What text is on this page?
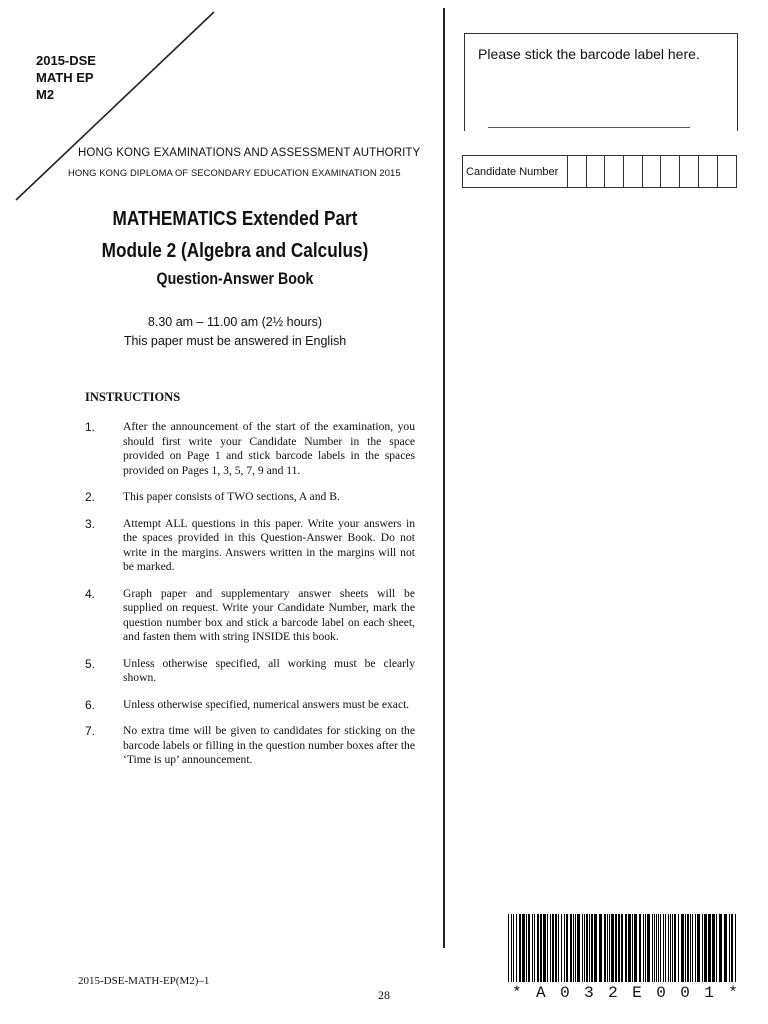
2015-DSE
MATH EP
M2
HONG KONG EXAMINATIONS AND ASSESSMENT AUTHORITY
HONG KONG DIPLOMA OF SECONDARY EDUCATION EXAMINATION 2015
MATHEMATICS Extended Part
Module 2 (Algebra and Calculus)
Question-Answer Book
8.30 am – 11.00 am (2½ hours)
This paper must be answered in English
INSTRUCTIONS
1.	After the announcement of the start of the examination, you should first write your Candidate Number in the space provided on Page 1 and stick barcode labels in the spaces provided on Pages 1, 3, 5, 7, 9 and 11.
2.	This paper consists of TWO sections, A and B.
3.	Attempt ALL questions in this paper. Write your answers in the spaces provided in this Question-Answer Book. Do not write in the margins. Answers written in the margins will not be marked.
4.	Graph paper and supplementary answer sheets will be supplied on request. Write your Candidate Number, mark the question number box and stick a barcode label on each sheet, and fasten them with string INSIDE this book.
5.	Unless otherwise specified, all working must be clearly shown.
6.	Unless otherwise specified, numerical answers must be exact.
7.	No extra time will be given to candidates for sticking on the barcode labels or filling in the question number boxes after the ‘Time is up’ announcement.
Please stick the barcode label here.
Candidate Number
2015-DSE-MATH-EP(M2)–1
28	* A 0 3 2 E 0 0 1 *
